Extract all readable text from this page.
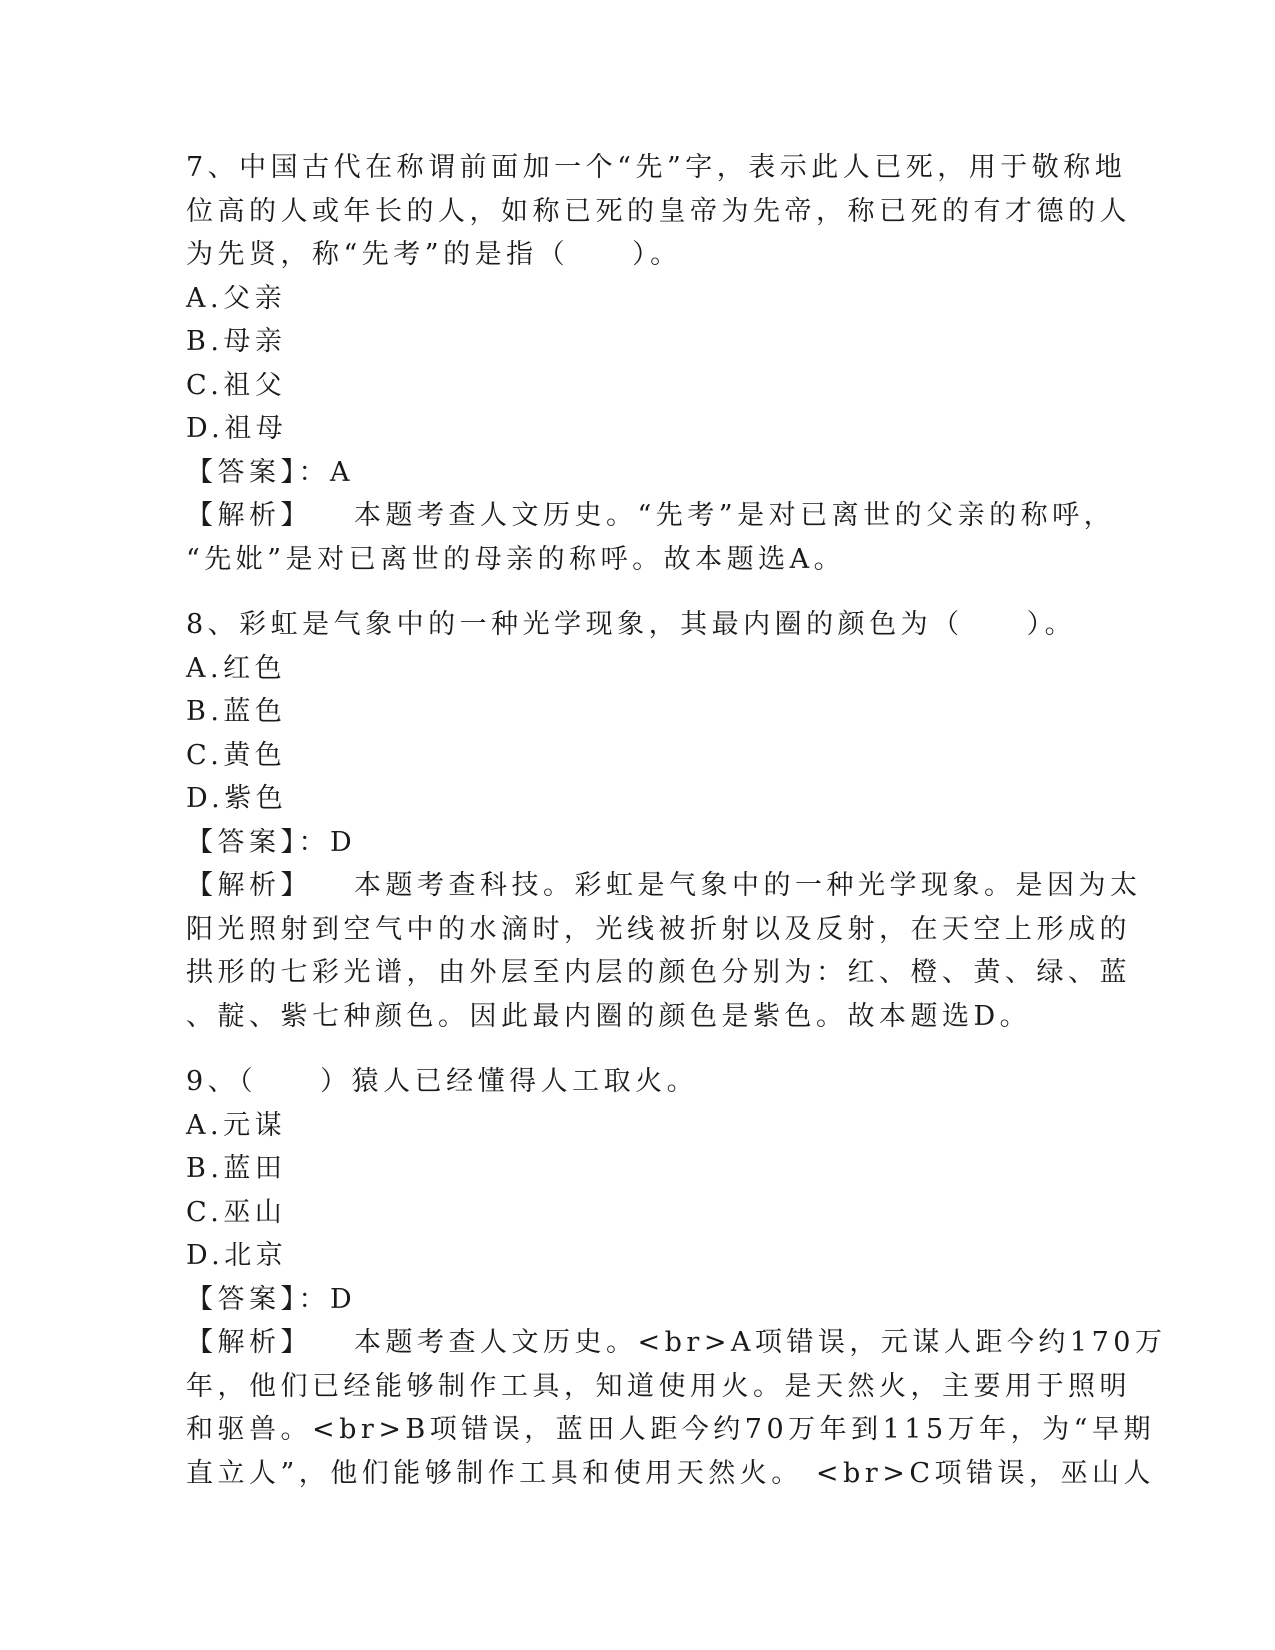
7、中国古代在称谓前面加一个“先”字，表示此人已死，用于敬称地
位高的人或年长的人，如称已死的皇帝为先帝，称已死的有才德的人
为先贤，称“先考”的是指（　　）。
A.父亲
B.母亲
C.祖父
D.祖母
【答案】：A
【解析】 本题考查人文历史。“先考”是对已离世的父亲的称呼，
“先妣”是对已离世的母亲的称呼。故本题选A。
8、彩虹是气象中的一种光学现象，其最内圈的颜色为（　　）。
A.红色
B.蓝色
C.黄色
D.紫色
【答案】：D
【解析】 本题考查科技。彩虹是气象中的一种光学现象。是因为太
阳光照射到空气中的水滴时，光线被折射以及反射，在天空上形成的
拱形的七彩光谱，由外层至内层的颜色分别为：红、橙、黄、绿、蓝
、靛、紫七种颜色。因此最内圈的颜色是紫色。故本题选D。
9、（　　）猿人已经懂得人工取火。
A.元谋
B.蓝田
C.巫山
D.北京
【答案】：D
【解析】 本题考查人文历史。<br>A项错误，元谋人距今约170万
年，他们已经能够制作工具，知道使用火。是天然火，主要用于照明
和驱兽。<br>B项错误，蓝田人距今约70万年到115万年，为“早期
直立人”，他们能够制作工具和使用天然火。 <br>C项错误，巫山人
